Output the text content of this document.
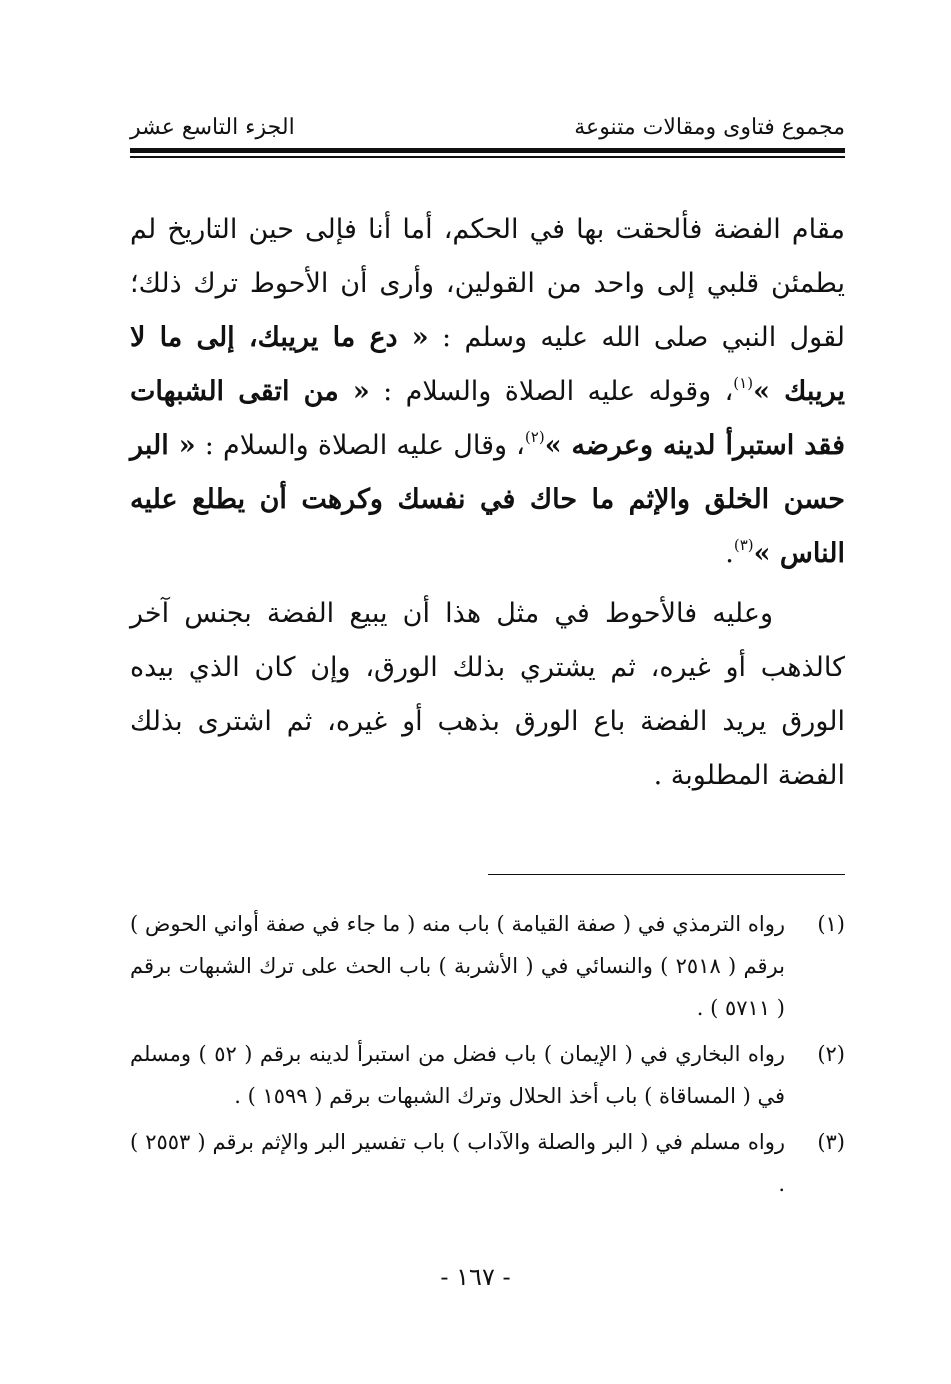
مجموع فتاوى ومقالات متنوعة
الجزء التاسع عشر

مقام الفضة فألحقت بها في الحكم، أما أنا فإلى حين التاريخ لم يطمئن قلبي إلى واحد من القولين، وأرى أن الأحوط ترك ذلك؛ لقول النبي صلى الله عليه وسلم : « دع ما يريبك، إلى ما لا يريبك »$^{(١)}$، وقوله عليه الصلاة والسلام : « من اتقى الشبهات فقد استبرأ لدينه وعرضه »$^{(٢)}$، وقال عليه الصلاة والسلام : « البر حسن الخلق والإثم ما حاك في نفسك وكرهت أن يطلع عليه الناس »$^{(٣)}$.

وعليه فالأحوط في مثل هذا أن يبيع الفضة بجنس آخر كالذهب أو غيره، ثم يشتري بذلك الورق، وإن كان الذي بيده الورق يريد الفضة باع الورق بذهب أو غيره، ثم اشترى بذلك الفضة المطلوبة .

(١)
رواه الترمذي في ( صفة القيامة ) باب منه ( ما جاء في صفة أواني الحوض ) برقم ( ٢٥١٨ ) والنسائي في ( الأشربة ) باب الحث على ترك الشبهات برقم ( ٥٧١١ ) .
(٢)
رواه البخاري في ( الإيمان ) باب فضل من استبرأ لدينه برقم ( ٥٢ ) ومسلم في ( المساقاة ) باب أخذ الحلال وترك الشبهات برقم ( ١٥٩٩ ) .
(٣)
رواه مسلم في ( البر والصلة والآداب ) باب تفسير البر والإثم برقم ( ٢٥٥٣ ) .
- ١٦٧ -
